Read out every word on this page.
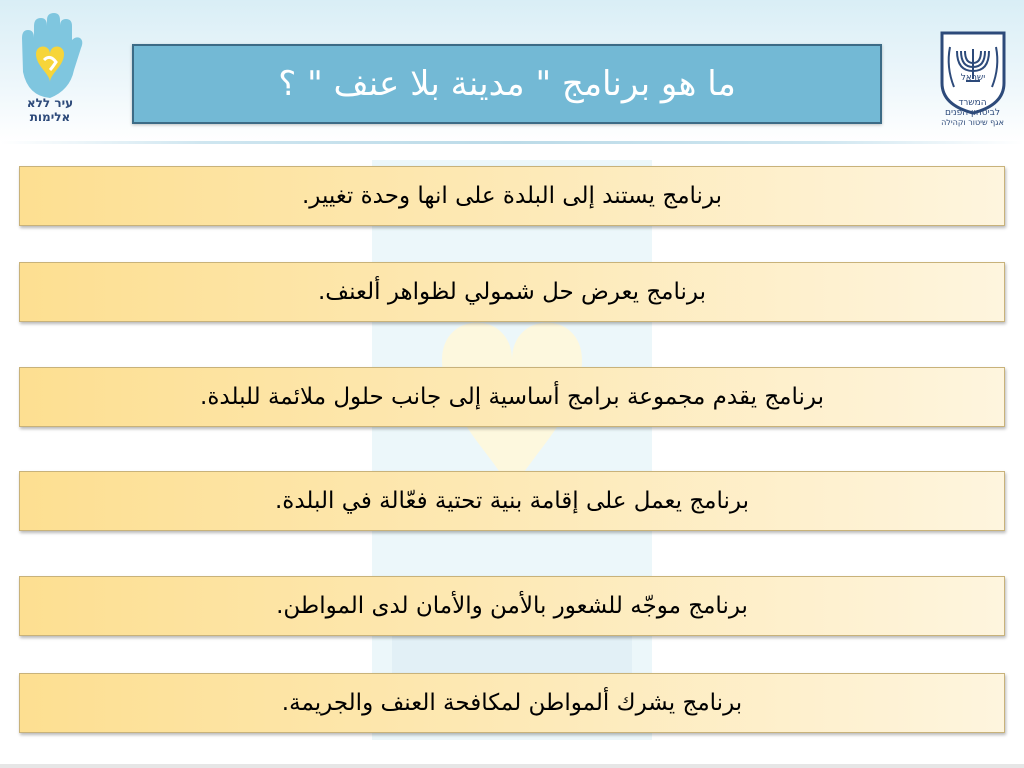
עיר ללא
אלימות
ما هو برنامج " مدينة بلا عنف " ؟	ישראל
המשרד
לביטחון הפנים
אגף שיטור וקהילה
برنامج يستند إلى البلدة على انها وحدة تغيير.
برنامج يعرض حل شمولي لظواهر ألعنف.
برنامج يقدم مجموعة برامج أساسية إلى جانب حلول ملائمة للبلدة.
برنامج يعمل على إقامة بنية تحتية فعّالة في البلدة.
برنامج موجّه للشعور بالأمن والأمان لدى المواطن.
برنامج يشرك ألمواطن لمكافحة العنف والجريمة.
